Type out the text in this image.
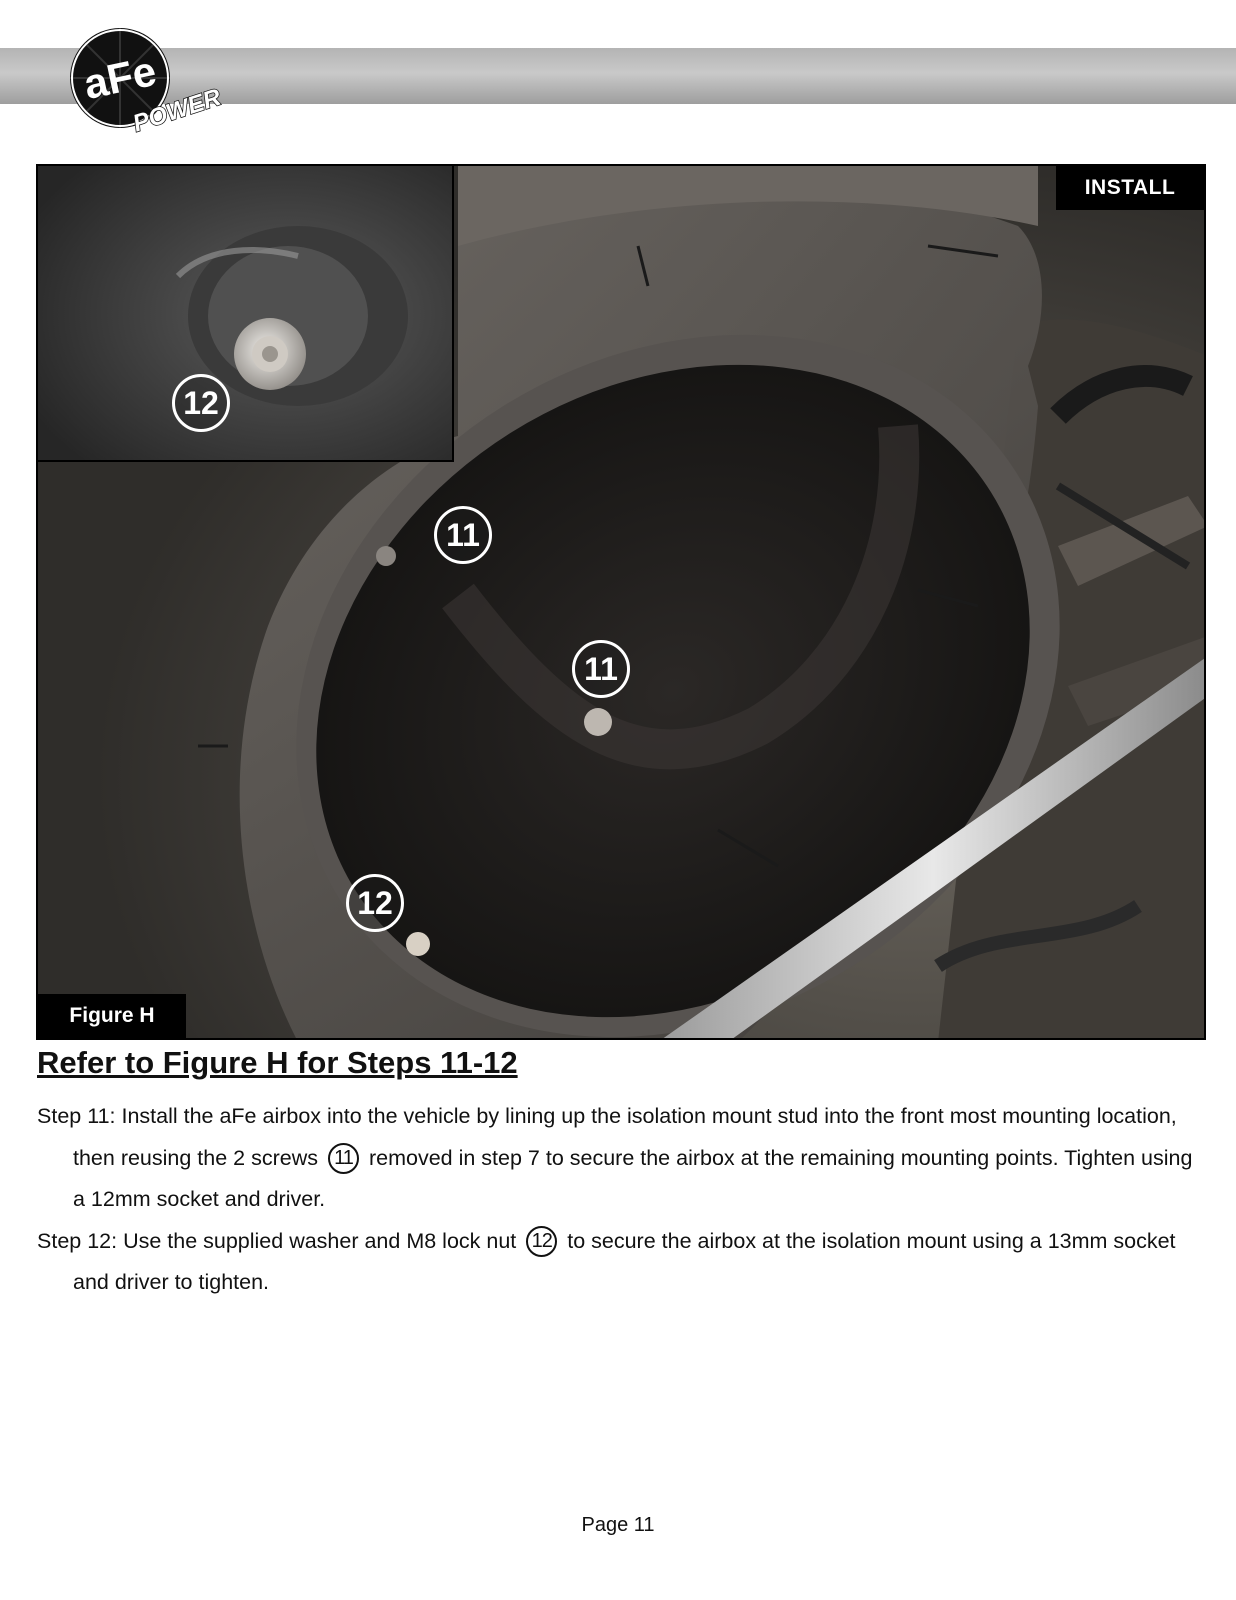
aFe
POWER
12
11
11
12
INSTALL
Figure H
Refer to Figure H for Steps 11-12
Step 11: Install the aFe airbox into the vehicle by lining up the isolation mount stud into the front most mounting location, then reusing the 2 screws 11 removed in step 7 to secure the airbox at the remaining mounting points. Tighten using a 12mm socket and driver.
Step 12: Use the supplied washer and M8 lock nut 12 to secure the airbox at the isolation mount using a 13mm socket and driver to tighten.
Page 11
